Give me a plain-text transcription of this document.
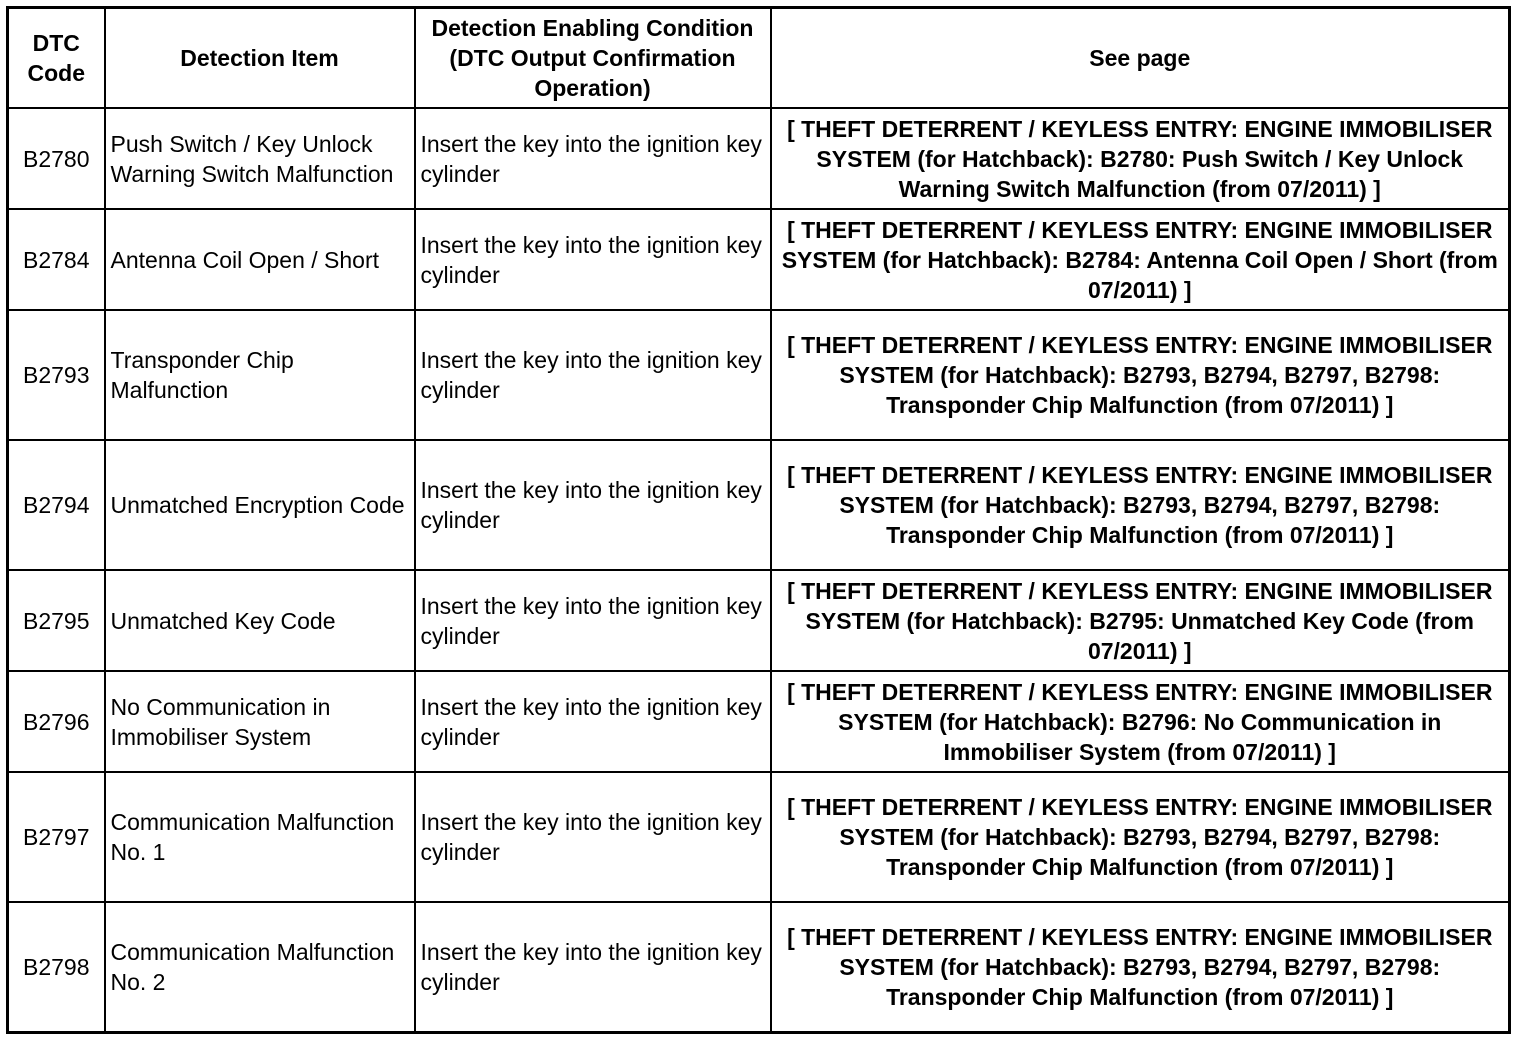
DTC Code	Detection Item	Detection Enabling Condition (DTC Output Confirmation Operation)	See page
B2780	Push Switch / Key Unlock Warning Switch Malfunction	Insert the key into the ignition key cylinder	[ THEFT DETERRENT / KEYLESS ENTRY: ENGINE IMMOBILISER SYSTEM (for Hatchback): B2780: Push Switch / Key Unlock Warning Switch Malfunction (from 07/2011) ]
B2784	Antenna Coil Open / Short	Insert the key into the ignition key cylinder	[ THEFT DETERRENT / KEYLESS ENTRY: ENGINE IMMOBILISER SYSTEM (for Hatchback): B2784: Antenna Coil Open / Short (from 07/2011) ]
B2793	Transponder Chip Malfunction	Insert the key into the ignition key cylinder	[ THEFT DETERRENT / KEYLESS ENTRY: ENGINE IMMOBILISER SYSTEM (for Hatchback): B2793, B2794, B2797, B2798: Transponder Chip Malfunction (from 07/2011) ]
B2794	Unmatched Encryption Code	Insert the key into the ignition key cylinder	[ THEFT DETERRENT / KEYLESS ENTRY: ENGINE IMMOBILISER SYSTEM (for Hatchback): B2793, B2794, B2797, B2798: Transponder Chip Malfunction (from 07/2011) ]
B2795	Unmatched Key Code	Insert the key into the ignition key cylinder	[ THEFT DETERRENT / KEYLESS ENTRY: ENGINE IMMOBILISER SYSTEM (for Hatchback): B2795: Unmatched Key Code (from 07/2011) ]
B2796	No Communication in Immobiliser System	Insert the key into the ignition key cylinder	[ THEFT DETERRENT / KEYLESS ENTRY: ENGINE IMMOBILISER SYSTEM (for Hatchback): B2796: No Communication in Immobiliser System (from 07/2011) ]
B2797	Communication Malfunction No. 1	Insert the key into the ignition key cylinder	[ THEFT DETERRENT / KEYLESS ENTRY: ENGINE IMMOBILISER SYSTEM (for Hatchback): B2793, B2794, B2797, B2798: Transponder Chip Malfunction (from 07/2011) ]
B2798	Communication Malfunction No. 2	Insert the key into the ignition key cylinder	[ THEFT DETERRENT / KEYLESS ENTRY: ENGINE IMMOBILISER SYSTEM (for Hatchback): B2793, B2794, B2797, B2798: Transponder Chip Malfunction (from 07/2011) ]
